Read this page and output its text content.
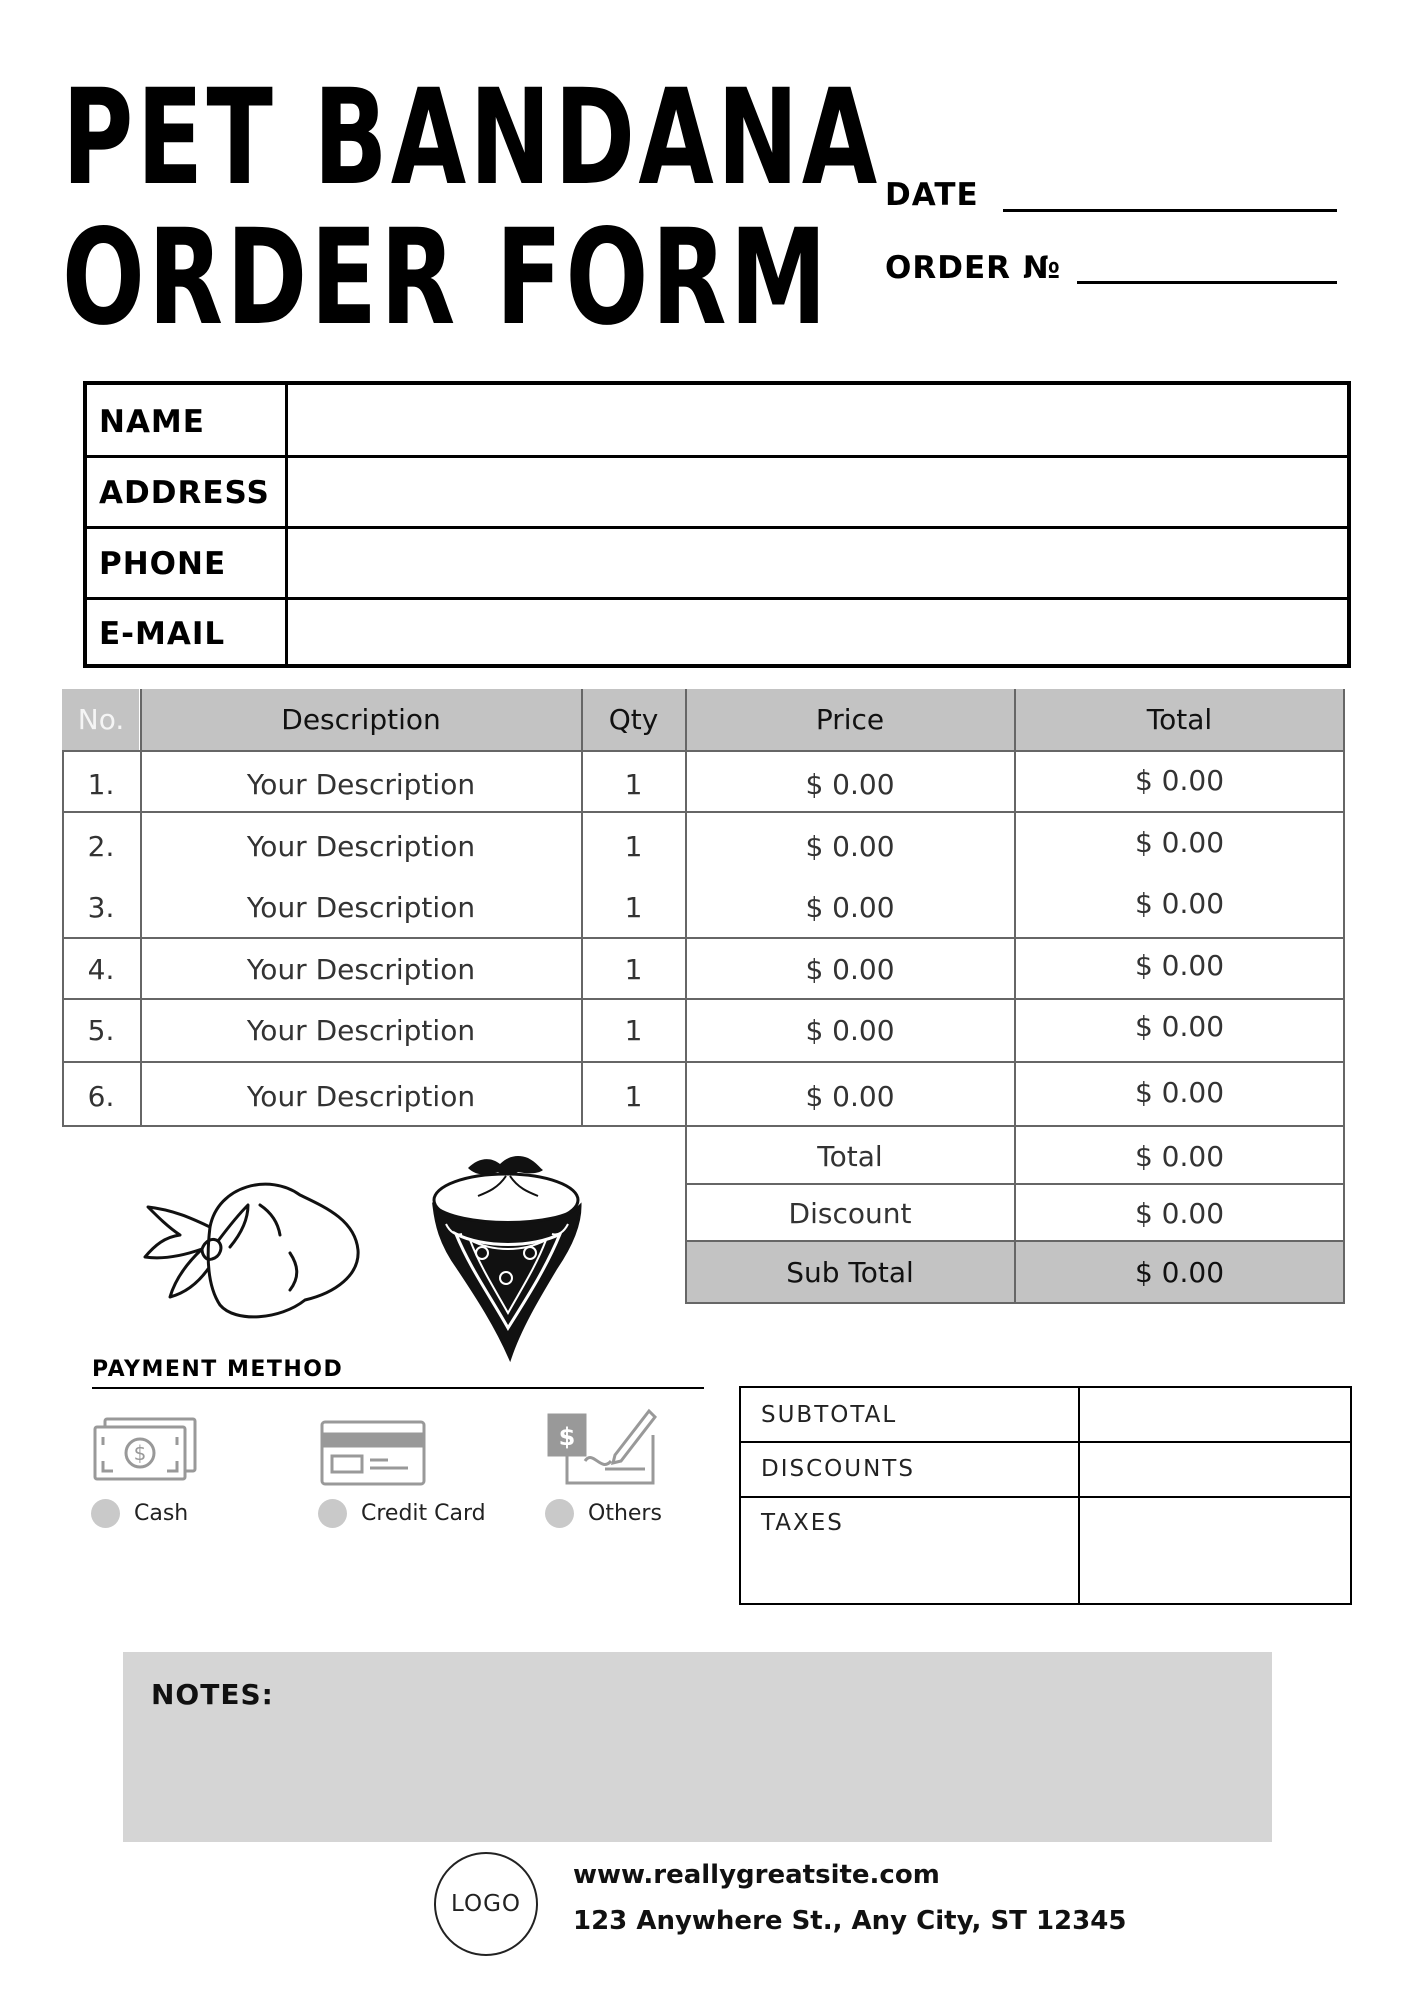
PET BANDANA
ORDER FORM
DATE
ORDER №
NAME
ADDRESS
PHONE
E-MAIL
No.	Description	Qty	Price	Total
1.	Your Description	1	$ 0.00	$ 0.00
2.	Your Description	1	$ 0.00	$ 0.00
3.	Your Description	1	$ 0.00	$ 0.00
4.	Your Description	1	$ 0.00	$ 0.00
5.	Your Description	1	$ 0.00	$ 0.00
6.	Your Description	1	$ 0.00	$ 0.00
Total	$ 0.00
Discount	$ 0.00
Sub Total	$ 0.00
PAYMENT METHOD
$
$
Cash	Credit Card	Others
SUBTOTAL
DISCOUNTS
TAXES
NOTES:
LOGO
www.reallygreatsite.com
123 Anywhere St., Any City, ST 12345
